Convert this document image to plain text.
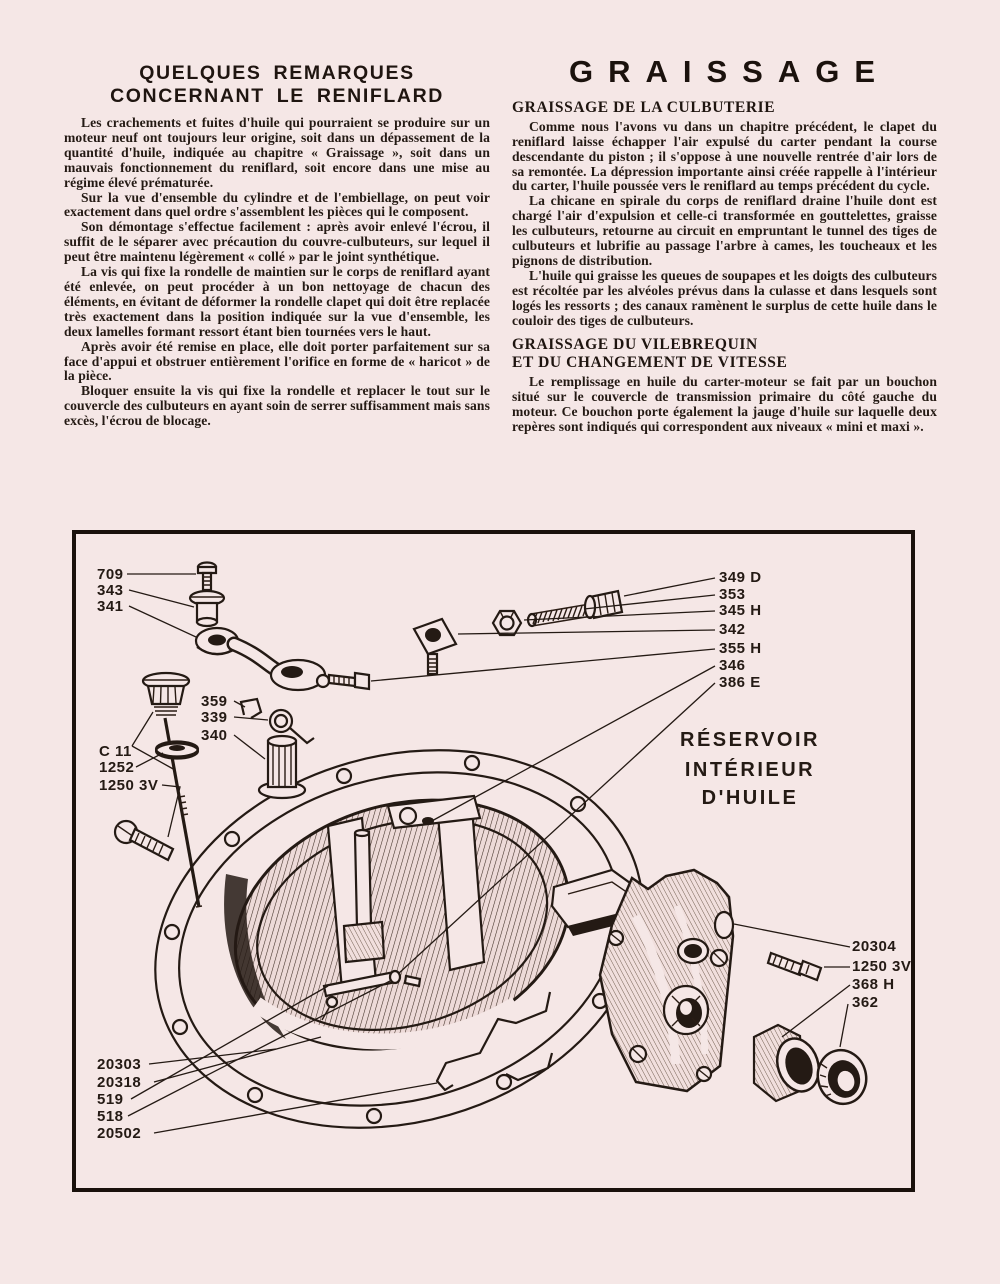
QUELQUES REMARQUES
CONCERNANT LE RENIFLARD

Les crachements et fuites d'huile qui pourraient se produire sur un moteur neuf ont toujours leur origine, soit dans un dépassement de la quantité d'huile, indiquée au chapitre « Graissage », soit dans un mauvais fonctionnement du reniflard, soit encore dans une mise au régime élevé prématurée.

Sur la vue d'ensemble du cylindre et de l'embiellage, on peut voir exactement dans quel ordre s'assemblent les pièces qui le composent.

Son démontage s'effectue facilement : après avoir enlevé l'écrou, il suffit de le séparer avec précaution du couvre-culbuteurs, sur lequel il peut être maintenu légèrement « collé » par le joint synthétique.

La vis qui fixe la rondelle de maintien sur le corps de reniflard ayant été enlevée, on peut procéder à un bon nettoyage de chacun des éléments, en évitant de déformer la rondelle clapet qui doit être replacée très exactement dans la position indiquée sur la vue d'ensemble, les deux lamelles formant ressort étant bien tournées vers le haut.

Après avoir été remise en place, elle doit porter parfaitement sur sa face d'appui et obstruer entièrement l'orifice en forme de « haricot » de la pièce.

Bloquer ensuite la vis qui fixe la rondelle et replacer le tout sur le couvercle des culbuteurs en ayant soin de serrer suffisamment mais sans excès, l'écrou de blocage.

GRAISSAGE
GRAISSAGE DE LA CULBUTERIE

Comme nous l'avons vu dans un chapitre précédent, le clapet du reniflard laisse échapper l'air expulsé du carter pendant la course descendante du piston ; il s'oppose à une nouvelle rentrée d'air lors de sa remontée. La dépression importante ainsi créée rappelle à l'intérieur du carter, l'huile poussée vers le reniflard au temps précédent du cycle.

La chicane en spirale du corps de reniflard draine l'huile dont est chargé l'air d'expulsion et celle-ci transformée en gouttelettes, graisse les culbuteurs, retourne au circuit en empruntant le tunnel des tiges de culbuteurs et lubrifie au passage l'arbre à cames, les toucheaux et les pignons de distribution.

L'huile qui graisse les queues de soupapes et les doigts des culbuteurs est récoltée par les alvéoles prévus dans la culasse et dans lesquels sont logés les ressorts ; des canaux ramènent le surplus de cette huile dans le couloir des tiges de culbuteurs.

GRAISSAGE DU VILEBREQUIN
ET DU CHANGEMENT DE VITESSE

Le remplissage en huile du carter-moteur se fait par un bouchon situé sur le couvercle de transmission primaire du côté gauche du moteur. Ce bouchon porte également la jauge d'huile sur laquelle deux repères sont indiqués qui correspondent aux niveaux « mini et maxi ».

709
343
341
359
339
340
C 11
1252
1250 3V
20303
20318
519
518
20502
349 D
353
345 H
342
355 H
346
386 E
20304
1250 3V
368 H
362
RÉSERVOIR
INTÉRIEUR
D'HUILE
